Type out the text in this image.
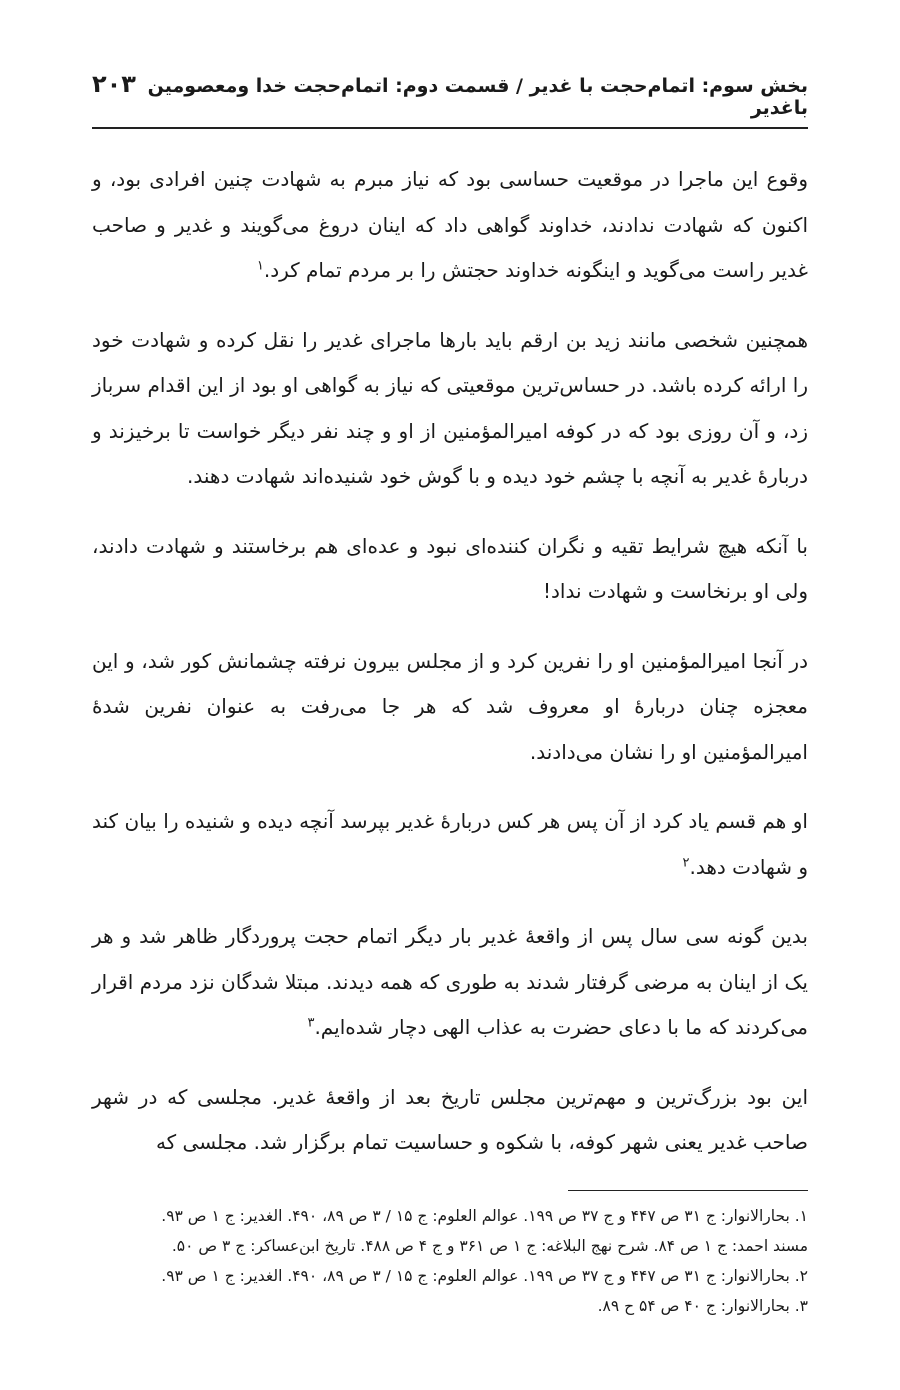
بخش سوم: اتمام‌حجت با غدیر / قسمت دوم: اتمام‌حجت خدا ومعصومین باغدیر
۲۰۳

وقوع این ماجرا در موقعیت حساسی بود که نیاز مبرم به شهادت چنین افرادی بود، و اکنون که شهادت ندادند، خداوند گواهی داد که اینان دروغ می‌گویند و غدیر و صاحب غدیر راست می‌گوید و اینگونه خداوند حجتش را بر مردم تمام کرد.$^۱$

همچنین شخصی مانند زید بن ارقم باید بارها ماجرای غدیر را نقل کرده و شهادت خود را ارائه کرده باشد. در حساس‌ترین موقعیتی که نیاز به گواهی او بود از این اقدام سرباز زد، و آن روزی بود که در کوفه امیرالمؤمنین از او و چند نفر دیگر خواست تا برخیزند و دربارۀ غدیر به آنچه با چشم خود دیده و با گوش خود شنیده‌اند شهادت دهند.

با آنکه هیچ شرایط تقیه و نگران کننده‌ای نبود و عده‌ای هم برخاستند و شهادت دادند، ولی او برنخاست و شهادت نداد!

در آنجا امیرالمؤمنین او را نفرین کرد و از مجلس بیرون نرفته چشمانش کور شد، و این معجزه چنان دربارۀ او معروف شد که هر جا می‌رفت به عنوان نفرین شدۀ امیرالمؤمنین او را نشان می‌دادند.

او هم قسم یاد کرد از آن پس هر کس دربارۀ غدیر بپرسد آنچه دیده و شنیده را بیان کند و شهادت دهد.$^۲$

بدین گونه سی سال پس از واقعۀ غدیر بار دیگر اتمام حجت پروردگار ظاهر شد و هر یک از اینان به مرضی گرفتار شدند به طوری که همه دیدند. مبتلا شدگان نزد مردم اقرار می‌کردند که ما با دعای حضرت به عذاب الهی دچار شده‌ایم.$^۳$

این بود بزرگ‌ترین و مهم‌ترین مجلس تاریخ بعد از واقعۀ غدیر. مجلسی که در شهر صاحب غدیر یعنی شهر کوفه، با شکوه و حساسیت تمام برگزار شد. مجلسی که

۱. بحارالانوار: ج ۳۱ ص ۴۴۷ و ج ۳۷ ص ۱۹۹. عوالم العلوم: ج ۱۵ / ۳ ص ۸۹، ۴۹۰. الغدیر: ج ۱ ص ۹۳.

مسند احمد: ج ۱ ص ۸۴. شرح نهج البلاغه: ج ۱ ص ۳۶۱ و ج ۴ ص ۴۸۸. تاریخ ابن‌عساکر: ج ۳ ص ۵۰.

۲. بحارالانوار: ج ۳۱ ص ۴۴۷ و ج ۳۷ ص ۱۹۹. عوالم العلوم: ج ۱۵ / ۳ ص ۸۹، ۴۹۰. الغدیر: ج ۱ ص ۹۳.

۳. بحارالانوار: ج ۴۰ ص ۵۴ ح ۸۹.
